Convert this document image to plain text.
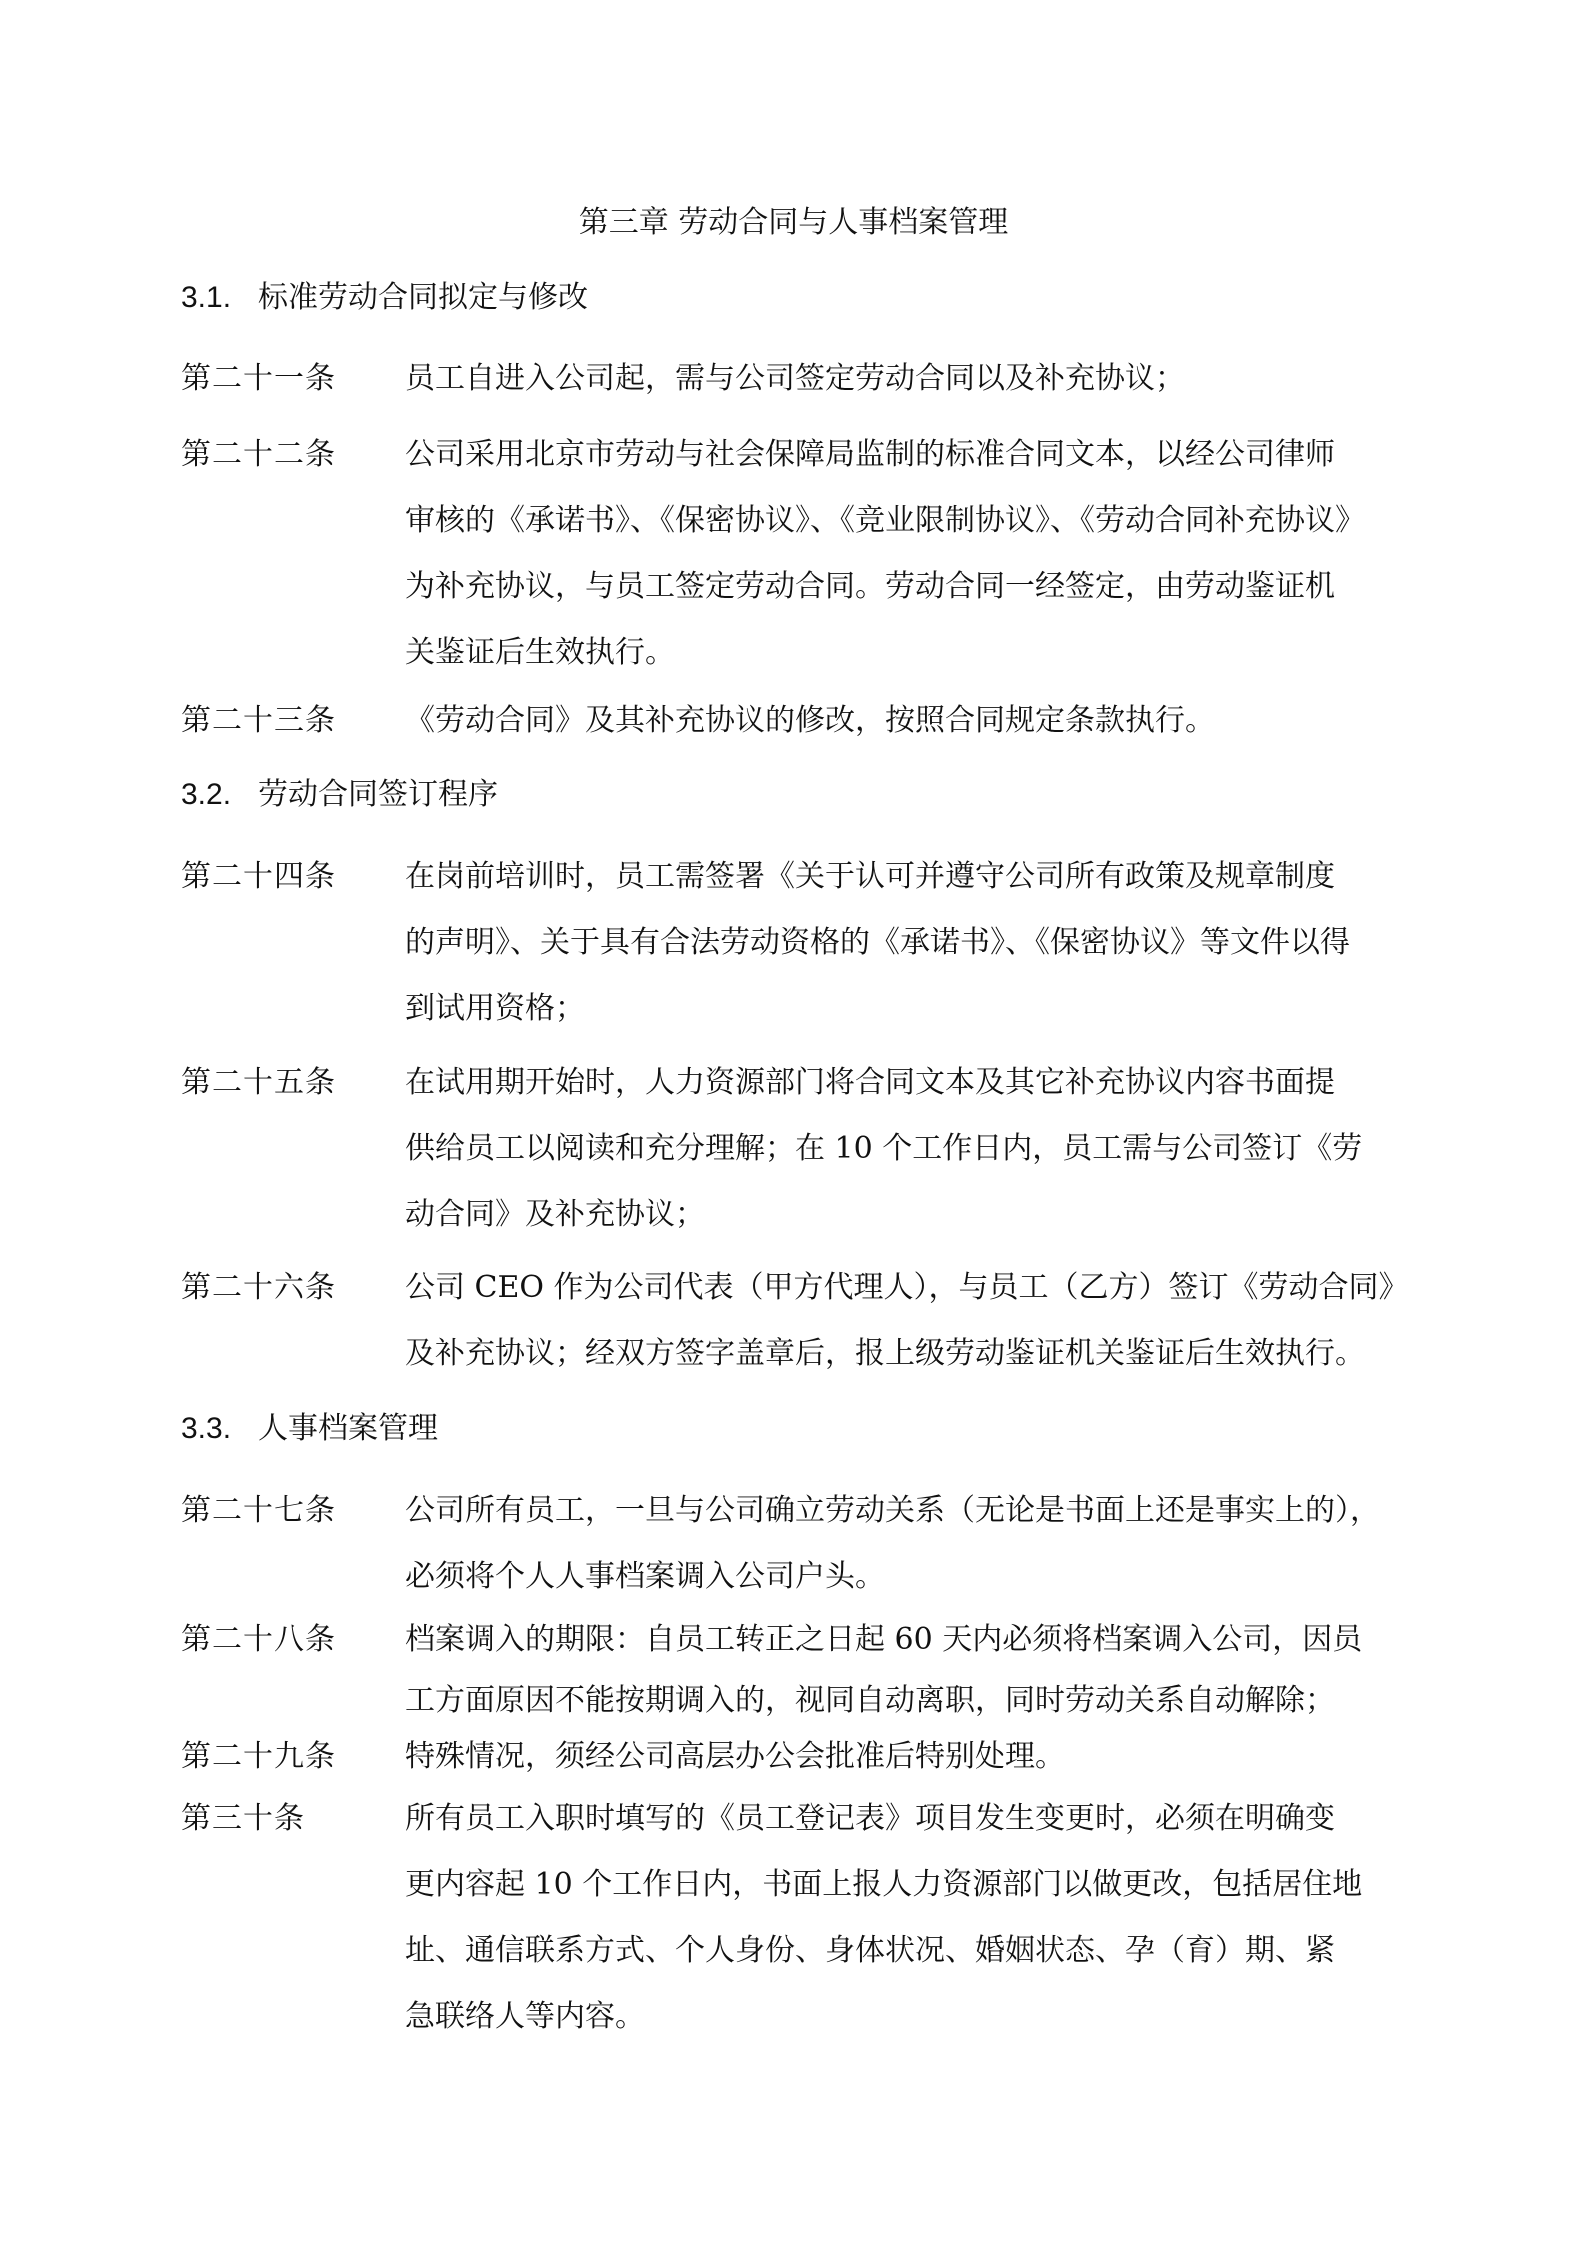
第三章 劳动合同与人事档案管理
3.1. 标准劳动合同拟定与修改
第二十一条 员工自进入公司起，需与公司签定劳动合同以及补充协议；
第二十二条 公司采用北京市劳动与社会保障局监制的标准合同文本，以经公司律师
审核的《承诺书》、《保密协议》、《竞业限制协议》、《劳动合同补充协议》
为补充协议，与员工签定劳动合同。劳动合同一经签定，由劳动鉴证机
关鉴证后生效执行。
第二十三条 《劳动合同》及其补充协议的修改，按照合同规定条款执行。
3.2. 劳动合同签订程序
第二十四条 在岗前培训时，员工需签署《关于认可并遵守公司所有政策及规章制度
的声明》、关于具有合法劳动资格的《承诺书》、《保密协议》等文件以得
到试用资格；
第二十五条 在试用期开始时，人力资源部门将合同文本及其它补充协议内容书面提
供给员工以阅读和充分理解；在 10 个工作日内，员工需与公司签订《劳
动合同》及补充协议；
第二十六条 公司 CEO 作为公司代表（甲方代理人），与员工（乙方）签订《劳动合同》
及补充协议；经双方签字盖章后，报上级劳动鉴证机关鉴证后生效执行。
3.3. 人事档案管理
第二十七条 公司所有员工，一旦与公司确立劳动关系（无论是书面上还是事实上的），
必须将个人人事档案调入公司户头。
第二十八条 档案调入的期限：自员工转正之日起 60 天内必须将档案调入公司，因员
工方面原因不能按期调入的，视同自动离职，同时劳动关系自动解除；
第二十九条 特殊情况，须经公司高层办公会批准后特别处理。
第三十条	所有员工入职时填写的《员工登记表》项目发生变更时，必须在明确变
更内容起 10 个工作日内，书面上报人力资源部门以做更改，包括居住地
址、通信联系方式、个人身份、身体状况、婚姻状态、孕（育）期、紧
急联络人等内容。
